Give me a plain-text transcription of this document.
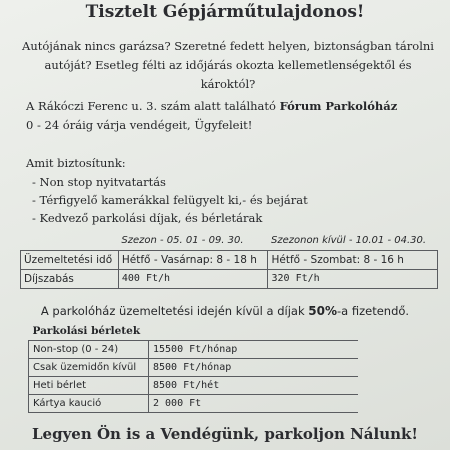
Tisztelt Gépjárműtulajdonos!
Autójának nincs garázsa? Szeretné fedett helyen, biztonságban tárolni
autóját? Esetleg félti az időjárás okozta kellemetlenségektől és
károktól?
A Rákóczi Ferenc u. 3. szám alatt található Fórum Parkolóház
0 - 24 óráig várja vendégeit, Ügyfeleit!
Amit biztosítunk:
- Non stop nyitvatartás
- Térfigyelő kamerákkal felügyelt ki,- és bejárat
- Kedvező parkolási díjak, és bérletárak
	Szezon - 05. 01 - 09. 30.	Szezonon kívül - 10.01 - 04.30.
Üzemeltetési idő	Hétfő - Vasárnap: 8 - 18 h	Hétfő - Szombat: 8 - 16 h
Díjszabás	400 Ft/h	320 Ft/h
A parkolóház üzemeltetési idején kívül a díjak 50%-a fizetendő.
Parkolási bérletek	
Non-stop (0 - 24)	15500 Ft/hónap
Csak üzemidőn kívül	8500 Ft/hónap
Heti bérlet	8500 Ft/hét
Kártya kaució	2 000 Ft
Legyen Ön is a Vendégünk, parkoljon Nálunk!
